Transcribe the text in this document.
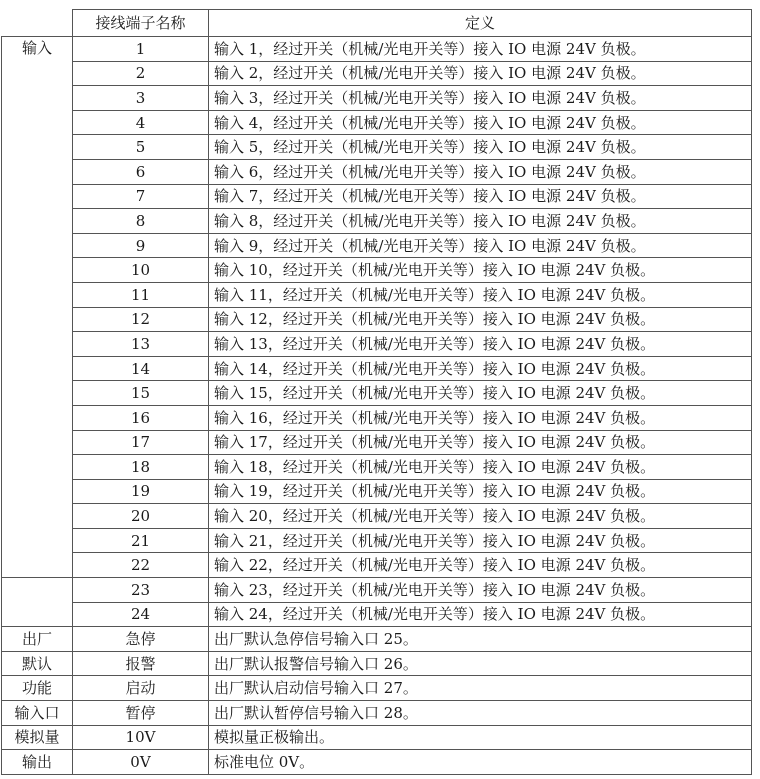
	接线端子名称	定义
输入	1	输入 1，经过开关（机械/光电开关等）接入 IO 电源 24V 负极。
	2	输入 2，经过开关（机械/光电开关等）接入 IO 电源 24V 负极。
	3	输入 3，经过开关（机械/光电开关等）接入 IO 电源 24V 负极。
	4	输入 4，经过开关（机械/光电开关等）接入 IO 电源 24V 负极。
	5	输入 5，经过开关（机械/光电开关等）接入 IO 电源 24V 负极。
	6	输入 6，经过开关（机械/光电开关等）接入 IO 电源 24V 负极。
	7	输入 7，经过开关（机械/光电开关等）接入 IO 电源 24V 负极。
	8	输入 8，经过开关（机械/光电开关等）接入 IO 电源 24V 负极。
	9	输入 9，经过开关（机械/光电开关等）接入 IO 电源 24V 负极。
	10	输入 10，经过开关（机械/光电开关等）接入 IO 电源 24V 负极。
	11	输入 11，经过开关（机械/光电开关等）接入 IO 电源 24V 负极。
	12	输入 12，经过开关（机械/光电开关等）接入 IO 电源 24V 负极。
	13	输入 13，经过开关（机械/光电开关等）接入 IO 电源 24V 负极。
	14	输入 14，经过开关（机械/光电开关等）接入 IO 电源 24V 负极。
	15	输入 15，经过开关（机械/光电开关等）接入 IO 电源 24V 负极。
	16	输入 16，经过开关（机械/光电开关等）接入 IO 电源 24V 负极。
	17	输入 17，经过开关（机械/光电开关等）接入 IO 电源 24V 负极。
	18	输入 18，经过开关（机械/光电开关等）接入 IO 电源 24V 负极。
	19	输入 19，经过开关（机械/光电开关等）接入 IO 电源 24V 负极。
	20	输入 20，经过开关（机械/光电开关等）接入 IO 电源 24V 负极。
	21	输入 21，经过开关（机械/光电开关等）接入 IO 电源 24V 负极。
	22	输入 22，经过开关（机械/光电开关等）接入 IO 电源 24V 负极。
	23	输入 23，经过开关（机械/光电开关等）接入 IO 电源 24V 负极。
	24	输入 24，经过开关（机械/光电开关等）接入 IO 电源 24V 负极。
出厂	急停	出厂默认急停信号输入口 25。
默认	报警	出厂默认报警信号输入口 26。
功能	启动	出厂默认启动信号输入口 27。
输入口	暂停	出厂默认暂停信号输入口 28。
模拟量	10V	模拟量正极输出。
输出	0V	标准电位 0V。
